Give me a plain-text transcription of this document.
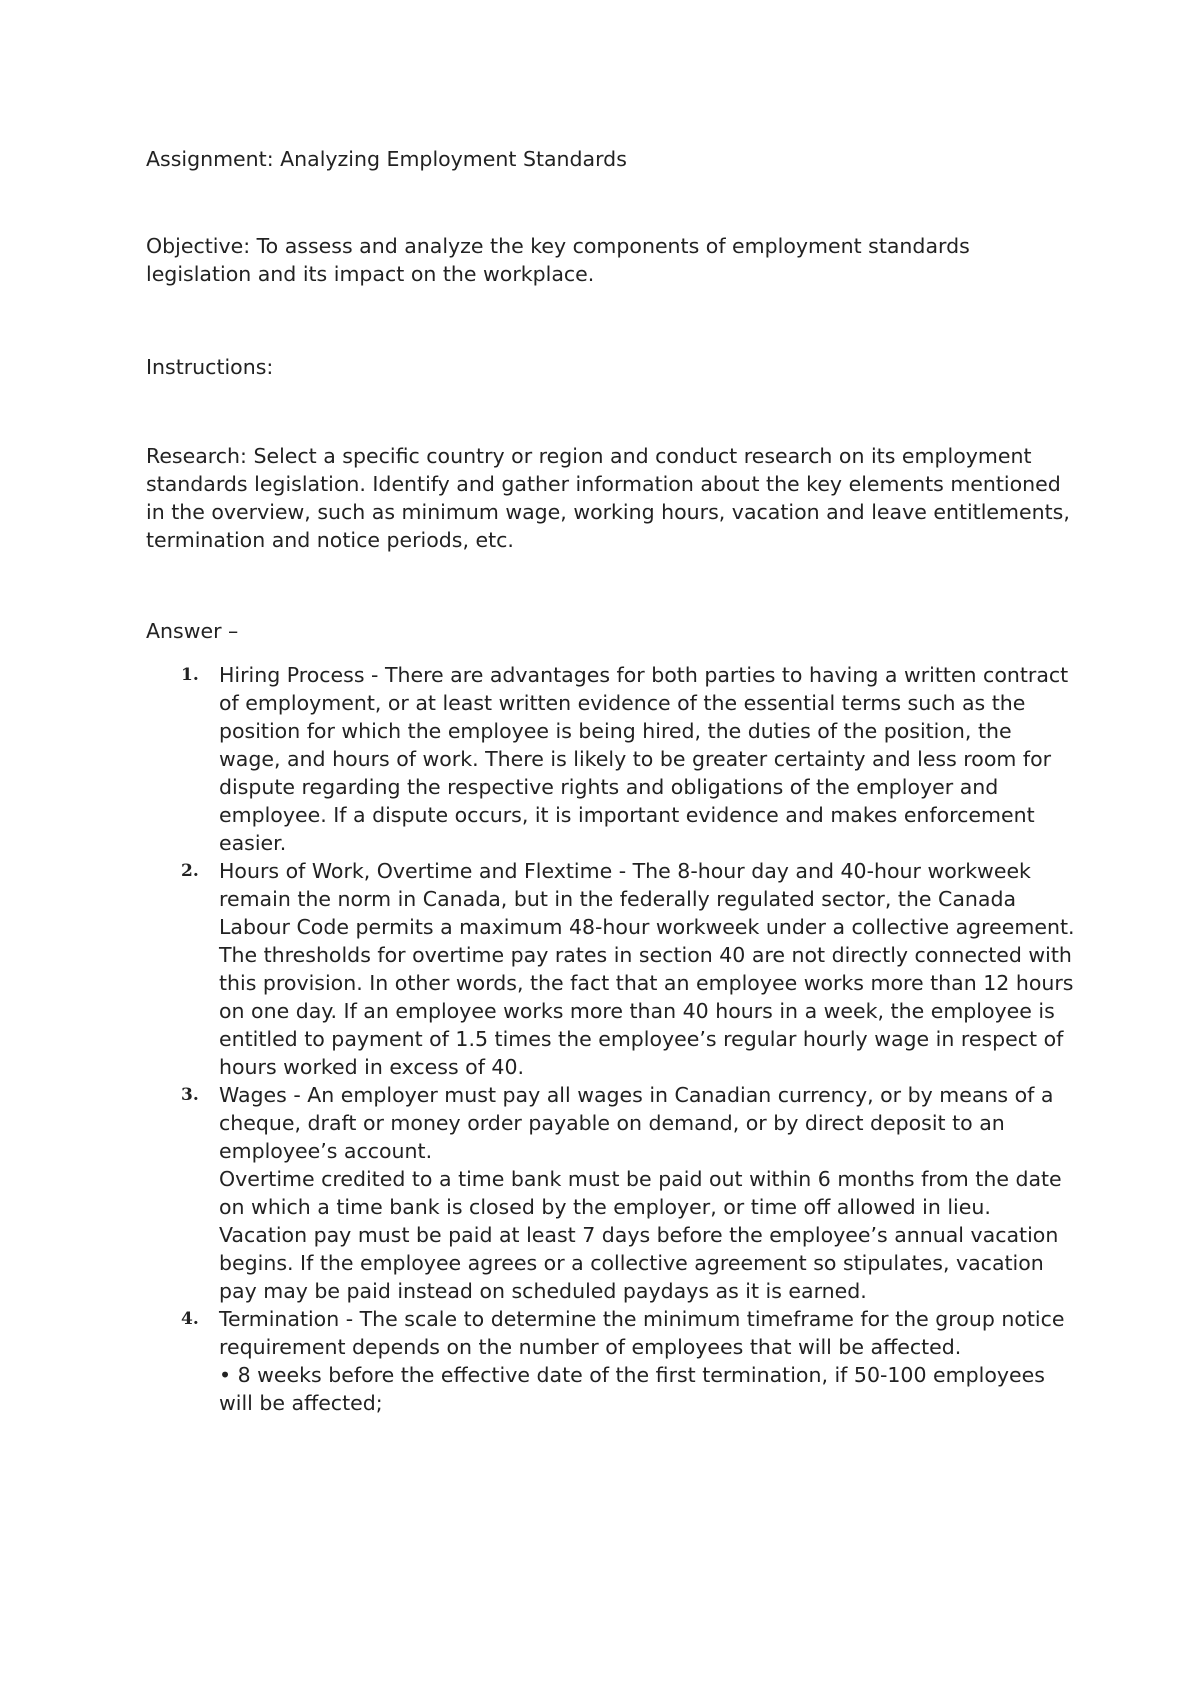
Assignment: Analyzing Employment Standards

Objective: To assess and analyze the key components of employment standards legislation and its impact on the workplace.

Instructions:

Research: Select a specific country or region and conduct research on its employment standards legislation. Identify and gather information about the key elements mentioned in the overview, such as minimum wage, working hours, vacation and leave entitlements, termination and notice periods, etc.

Answer –

1. Hiring Process - There are advantages for both parties to having a written contract of employment, or at least written evidence of the essential terms such as the position for which the employee is being hired, the duties of the position, the wage, and hours of work. There is likely to be greater certainty and less room for dispute regarding the respective rights and obligations of the employer and employee. If a dispute occurs, it is important evidence and makes enforcement easier.
2. Hours of Work, Overtime and Flextime - The 8-hour day and 40-hour workweek remain the norm in Canada, but in the federally regulated sector, the Canada Labour Code permits a maximum 48-hour workweek under a collective agreement. The thresholds for overtime pay rates in section 40 are not directly connected with this provision. In other words, the fact that an employee works more than 12 hours on one day. If an employee works more than 40 hours in a week, the employee is entitled to payment of 1.5 times the employee’s regular hourly wage in respect of hours worked in excess of 40.
3. Wages - An employer must pay all wages in Canadian currency, or by means of a cheque, draft or money order payable on demand, or by direct deposit to an employee’s account.
Overtime credited to a time bank must be paid out within 6 months from the date on which a time bank is closed by the employer, or time off allowed in lieu. Vacation pay must be paid at least 7 days before the employee’s annual vacation begins. If the employee agrees or a collective agreement so stipulates, vacation pay may be paid instead on scheduled paydays as it is earned.
4. Termination - The scale to determine the minimum timeframe for the group notice requirement depends on the number of employees that will be affected.
• 8 weeks before the effective date of the first termination, if 50-100 employees
will be affected;
